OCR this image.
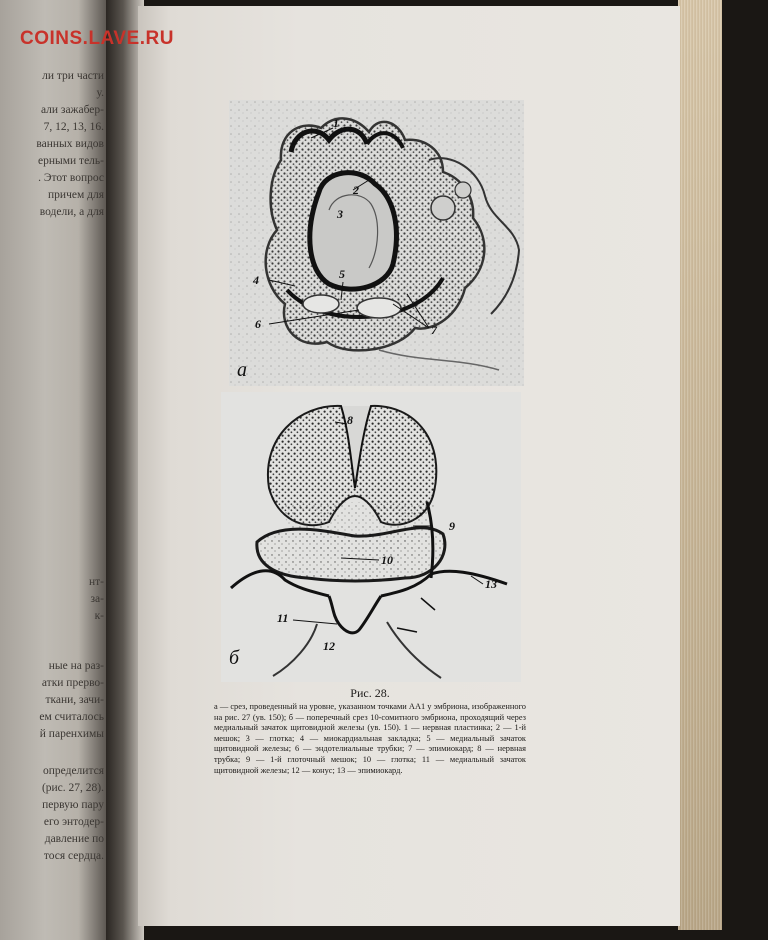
ли три части
у.
али зажабер-
7, 12, 13, 16.
ванных видов
ерными тель-
. Этот вопрос
причем для
водели, а для
нт-
за-
к-
ные на раз-
атки прерво-
ткани, зачи-
ем считалось
й паренхимы
определится
(рис. 27, 28).
первую пару
его энтодер-
давление по
тося сердца.

COINS.LAVE.RU

1
2
3
4	5
6	7
а
8
9
10
11
12
13
б

Рис. 28.

а — срез, проведенный на уровне, указанном точками АА1 у эмбриона, изображенного на рис. 27 (ув. 150); б — поперечный срез 10-сомитного эмбриона, проходящий через медиальный зачаток щитовидной железы (ув. 150). 1 — нервная пластинка; 2 — 1-й мешок; 3 — глотка; 4 — миокардиальная закладка; 5 — медиальный зачаток щитовидной железы; 6 — эндотелиальные трубки; 7 — эпимиокард; 8 — нервная трубка; 9 — 1-й глоточный мешок; 10 — глотка; 11 — медиальный зачаток щитовидной железы; 12 — конус; 13 — эпимиокард.
